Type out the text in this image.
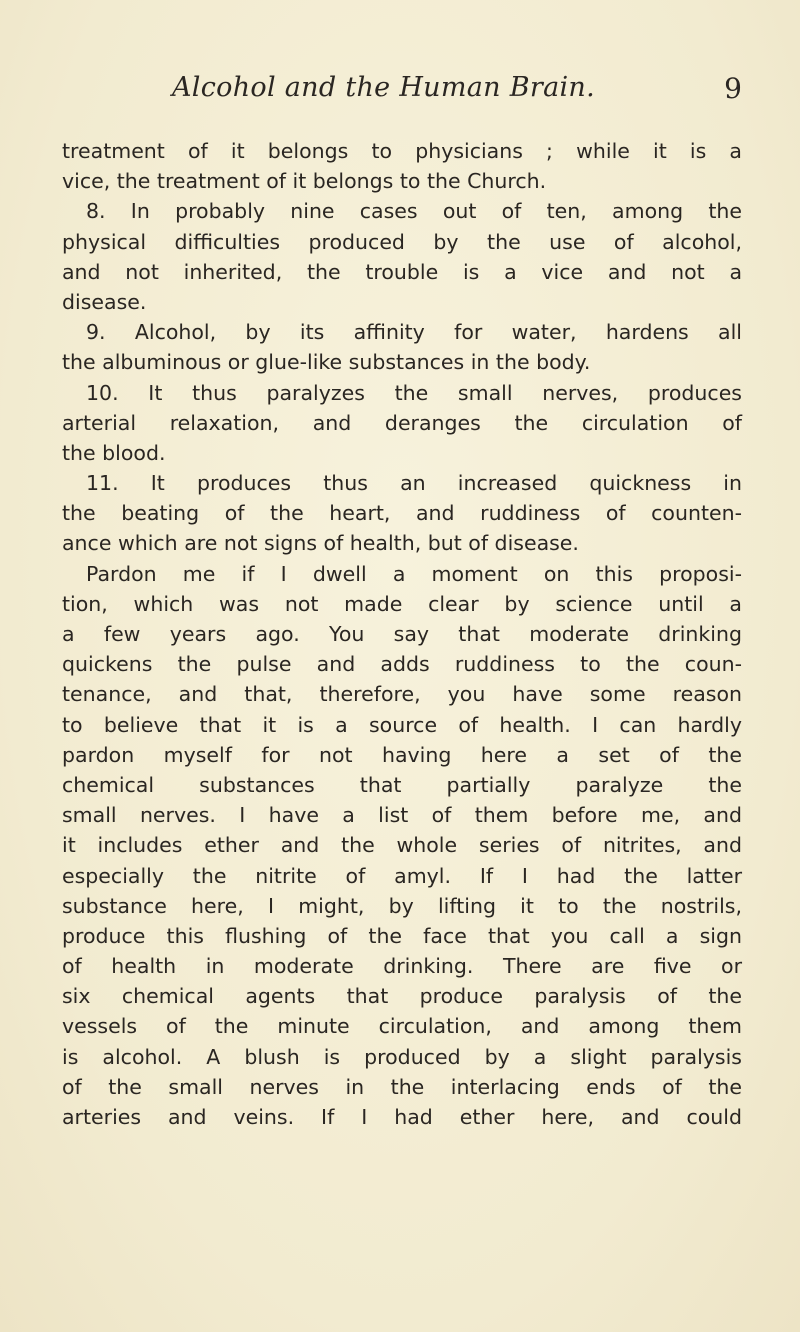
Alcohol and the Human Brain.	9
treatment of it belongs to physicians ; while it is a
vice, the treatment of it belongs to the Church.
8. In probably nine cases out of ten, among the
physical difficulties produced by the use of alcohol,
and not inherited, the trouble is a vice and not a
disease.
9. Alcohol, by its affinity for water, hardens all
the albuminous or glue-like substances in the body.
10. It thus paralyzes the small nerves, produces
arterial relaxation, and deranges the circulation of
the blood.
11. It produces thus an increased quickness in
the beating of the heart, and ruddiness of counten-
ance which are not signs of health, but of disease.
Pardon me if I dwell a moment on this proposi-
tion, which was not made clear by science until a
a few years ago. You say that moderate drinking
quickens the pulse and adds ruddiness to the coun-
tenance, and that, therefore, you have some reason
to believe that it is a source of health. I can hardly
pardon myself for not having here a set of the
chemical substances that partially paralyze the
small nerves. I have a list of them before me, and
it includes ether and the whole series of nitrites, and
especially the nitrite of amyl. If I had the latter
substance here, I might, by lifting it to the nostrils,
produce this flushing of the face that you call a sign
of health in moderate drinking. There are five or
six chemical agents that produce paralysis of the
vessels of the minute circulation, and among them
is alcohol. A blush is produced by a slight paralysis
of the small nerves in the interlacing ends of the
arteries and veins. If I had ether here, and could
